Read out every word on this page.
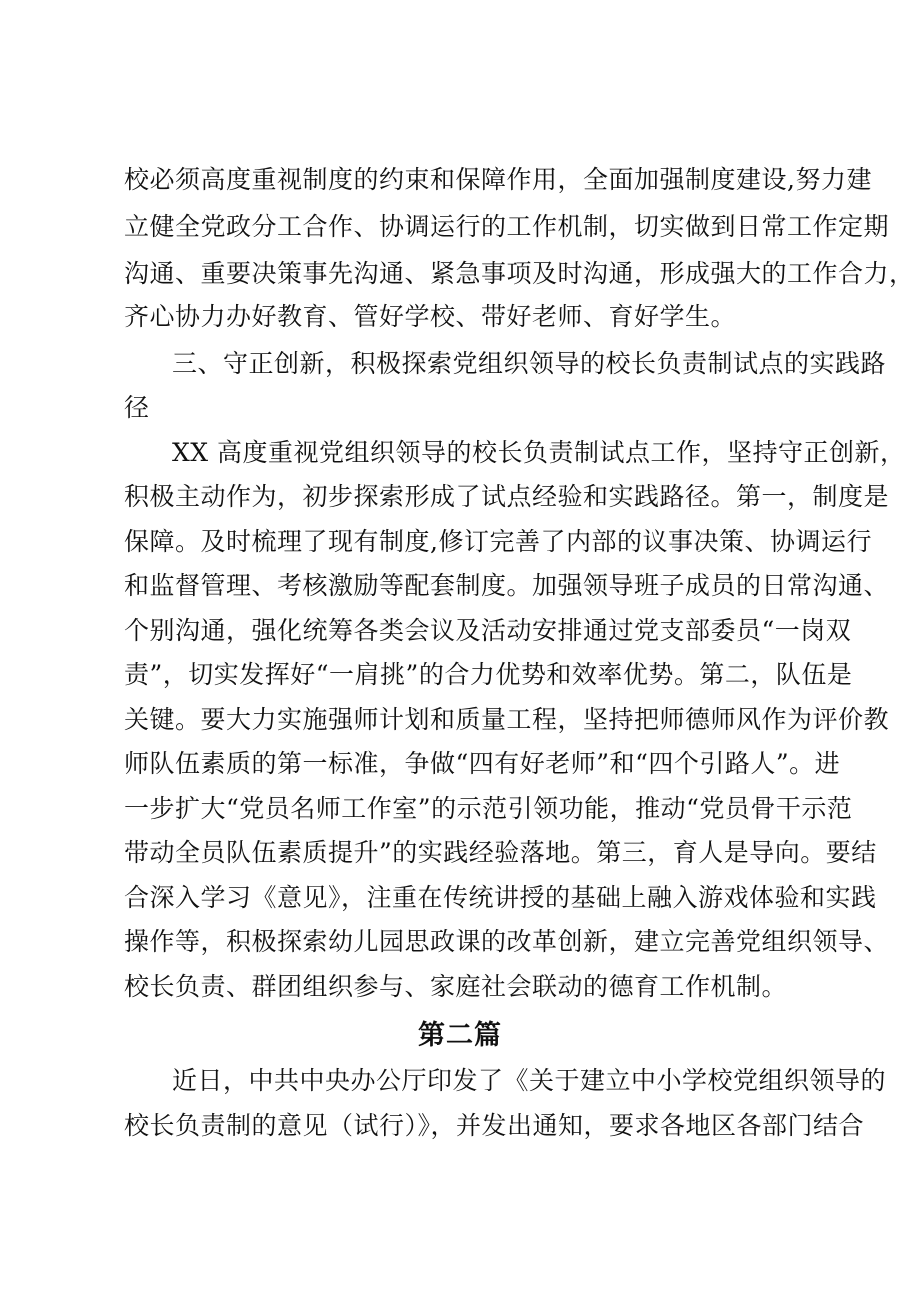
校必须高度重视制度的约束和保障作用，全面加强制度建设,努力建
立健全党政分工合作、协调运行的工作机制，切实做到日常工作定期
沟通、重要决策事先沟通、紧急事项及时沟通，形成强大的工作合力，
齐心协力办好教育、管好学校、带好老师、育好学生。
三、守正创新，积极探索党组织领导的校长负责制试点的实践路
径
XX 高度重视党组织领导的校长负责制试点工作，坚持守正创新，
积极主动作为，初步探索形成了试点经验和实践路径。第一，制度是
保障。及时梳理了现有制度,修订完善了内部的议事决策、协调运行
和监督管理、考核激励等配套制度。加强领导班子成员的日常沟通、
个别沟通，强化统筹各类会议及活动安排通过党支部委员“一岗双
责”，切实发挥好“一肩挑”的合力优势和效率优势。第二，队伍是
关键。要大力实施强师计划和质量工程，坚持把师德师风作为评价教
师队伍素质的第一标准，争做“四有好老师”和“四个引路人”。进
一步扩大“党员名师工作室”的示范引领功能，推动“党员骨干示范
带动全员队伍素质提升”的实践经验落地。第三，育人是导向。要结
合深入学习《意见》，注重在传统讲授的基础上融入游戏体验和实践
操作等，积极探索幼儿园思政课的改革创新，建立完善党组织领导、
校长负责、群团组织参与、家庭社会联动的德育工作机制。
第二篇
近日，中共中央办公厅印发了《关于建立中小学校党组织领导的
校长负责制的意见（试行）》，并发出通知，要求各地区各部门结合
